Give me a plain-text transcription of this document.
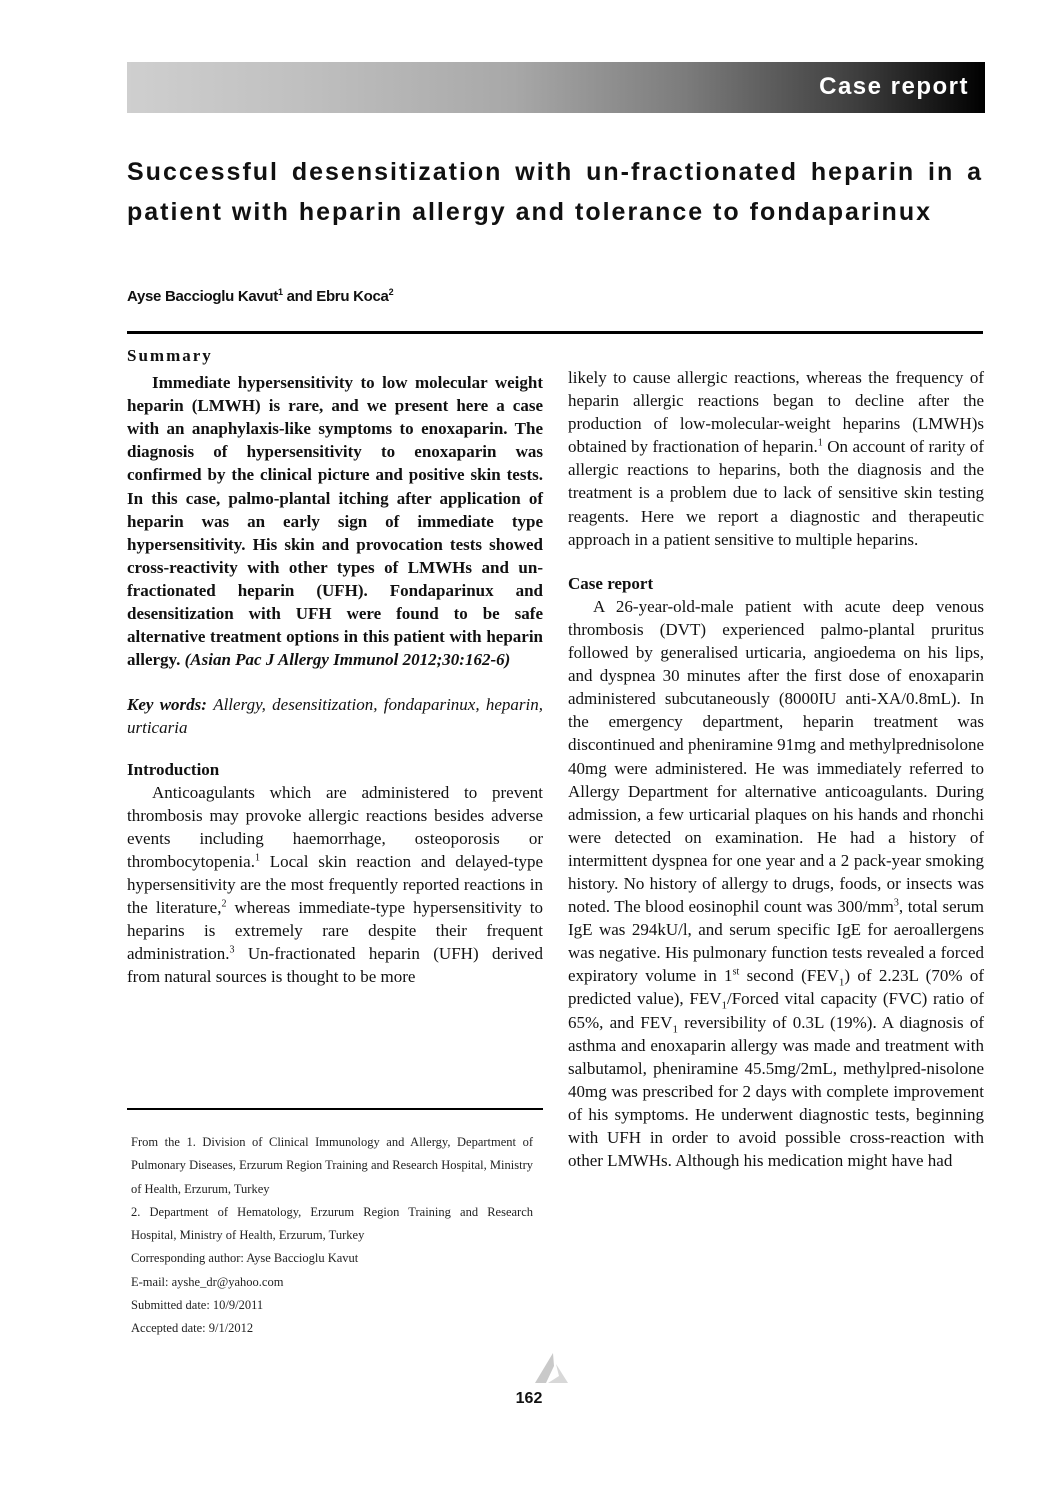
Case report
Successful desensitization with un-fractionated heparin in a patient with heparin allergy and tolerance to fondaparinux
Ayse Baccioglu Kavut$^1$ and Ebru Koca$^2$
Summary

Immediate hypersensitivity to low molecular weight heparin (LMWH) is rare, and we present here a case with an anaphylaxis-like symptoms to enoxaparin. The diagnosis of hypersensitivity to enoxaparin was confirmed by the clinical picture and positive skin tests. In this case, palmo-plantal itching after application of heparin was an early sign of immediate type hypersensitivity. His skin and provocation tests showed cross-reactivity with other types of LMWHs and un-fractionated heparin (UFH). Fondaparinux and desensitization with UFH were found to be safe alternative treatment options in this patient with heparin allergy. (Asian Pac J Allergy Immunol 2012;30:162-6)

Key words: Allergy, desensitization, fondaparinux, heparin, urticaria

Introduction

Anticoagulants which are administered to prevent thrombosis may provoke allergic reactions besides adverse events including haemorrhage, osteoporosis or thrombocytopenia.$^1$ Local skin reaction and delayed-type hypersensitivity are the most frequently reported reactions in the literature,$^2$ whereas immediate-type hypersensitivity to heparins is extremely rare despite their frequent administration.$^3$ Un-fractionated heparin (UFH) derived from natural sources is thought to be more

From the 1. Division of Clinical Immunology and Allergy, Department of Pulmonary Diseases, Erzurum Region Training and Research Hospital, Ministry of Health, Erzurum, Turkey
2. Department of Hematology, Erzurum Region Training and Research Hospital, Ministry of Health, Erzurum, Turkey
Corresponding author: Ayse Baccioglu Kavut
E-mail: ayshe_dr@yahoo.com
Submitted date: 10/9/2011
Accepted date: 9/1/2012

likely to cause allergic reactions, whereas the frequency of heparin allergic reactions began to decline after the production of low-molecular-weight heparins (LMWH)s obtained by fractionation of heparin.$^1$ On account of rarity of allergic reactions to heparins, both the diagnosis and the treatment is a problem due to lack of sensitive skin testing reagents. Here we report a diagnostic and therapeutic approach in a patient sensitive to multiple heparins.

Case report

A 26-year-old-male patient with acute deep venous thrombosis (DVT) experienced palmo-plantal pruritus followed by generalised urticaria, angioedema on his lips, and dyspnea 30 minutes after the first dose of enoxaparin administered subcutaneously (8000IU anti-XA/0.8mL). In the emergency department, heparin treatment was discontinued and pheniramine 91mg and methylprednisolone 40mg were administered. He was immediately referred to Allergy Department for alternative anticoagulants. During admission, a few urticarial plaques on his hands and rhonchi were detected on examination. He had a history of intermittent dyspnea for one year and a 2 pack-year smoking history. No history of allergy to drugs, foods, or insects was noted. The blood eosinophil count was $300/mm^3$, total serum IgE was 294kU/l, and serum specific IgE for aeroallergens was negative. His pulmonary function tests revealed a forced expiratory volume in 1st second $(FEV_1)$ of 2.23L (70% of predicted value), $FEV_1$/Forced vital capacity (FVC) ratio of 65%, and $FEV_1$ reversibility of 0.3L (19%). A diagnosis of asthma and enoxaparin allergy was made and treatment with salbutamol, pheniramine 45.5mg/2mL, methylpred-nisolone 40mg was prescribed for 2 days with complete improvement of his symptoms. He underwent diagnostic tests, beginning with UFH in order to avoid possible cross-reaction with other LMWHs. Although his medication might have had

162
